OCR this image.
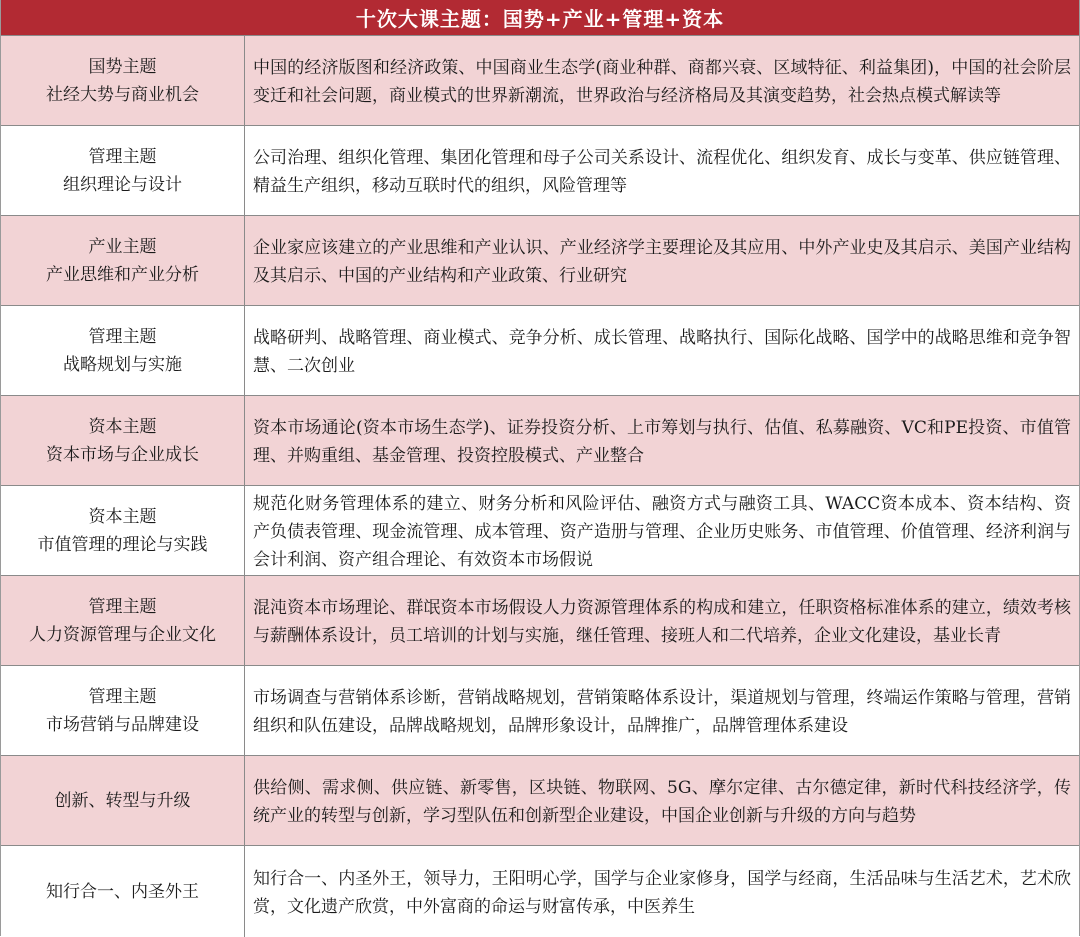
十次大课主题：国势+产业+管理+资本
国势主题
社经大势与商业机会
中国的经济版图和经济政策、中国商业生态学(商业种群、商都兴衰、区域特征、利益集团)，中国的社会阶层变迁和社会问题，商业模式的世界新潮流，世界政治与经济格局及其演变趋势，社会热点模式解读等
管理主题
组织理论与设计
公司治理、组织化管理、集团化管理和母子公司关系设计、流程优化、组织发育、成长与变革、供应链管理、精益生产组织，移动互联时代的组织，风险管理等
产业主题
产业思维和产业分析
企业家应该建立的产业思维和产业认识、产业经济学主要理论及其应用、中外产业史及其启示、美国产业结构及其启示、中国的产业结构和产业政策、行业研究
管理主题
战略规划与实施
战略研判、战略管理、商业模式、竞争分析、成长管理、战略执行、国际化战略、国学中的战略思维和竞争智慧、二次创业
资本主题
资本市场与企业成长
资本市场通论(资本市场生态学)、证券投资分析、上市筹划与执行、估值、私募融资、VC和PE投资、市值管理、并购重组、基金管理、投资控股模式、产业整合
资本主题
市值管理的理论与实践
规范化财务管理体系的建立、财务分析和风险评估、融资方式与融资工具、WACC资本成本、资本结构、资产负债表管理、现金流管理、成本管理、资产造册与管理、企业历史账务、市值管理、价值管理、经济利润与会计利润、资产组合理论、有效资本市场假说
管理主题
人力资源管理与企业文化
混沌资本市场理论、群氓资本市场假设人力资源管理体系的构成和建立，任职资格标准体系的建立，绩效考核与薪酬体系设计，员工培训的计划与实施，继任管理、接班人和二代培养，企业文化建设，基业长青
管理主题
市场营销与品牌建设
市场调查与营销体系诊断，营销战略规划，营销策略体系设计，渠道规划与管理，终端运作策略与管理，营销组织和队伍建设，品牌战略规划，品牌形象设计，品牌推广，品牌管理体系建设
创新、转型与升级
供给侧、需求侧、供应链、新零售，区块链、物联网、5G、摩尔定律、古尔德定律，新时代科技经济学，传统产业的转型与创新，学习型队伍和创新型企业建设，中国企业创新与升级的方向与趋势
知行合一、内圣外王
知行合一、内圣外王，领导力，王阳明心学，国学与企业家修身，国学与经商，生活品味与生活艺术，艺术欣赏，文化遗产欣赏，中外富商的命运与财富传承，中医养生
